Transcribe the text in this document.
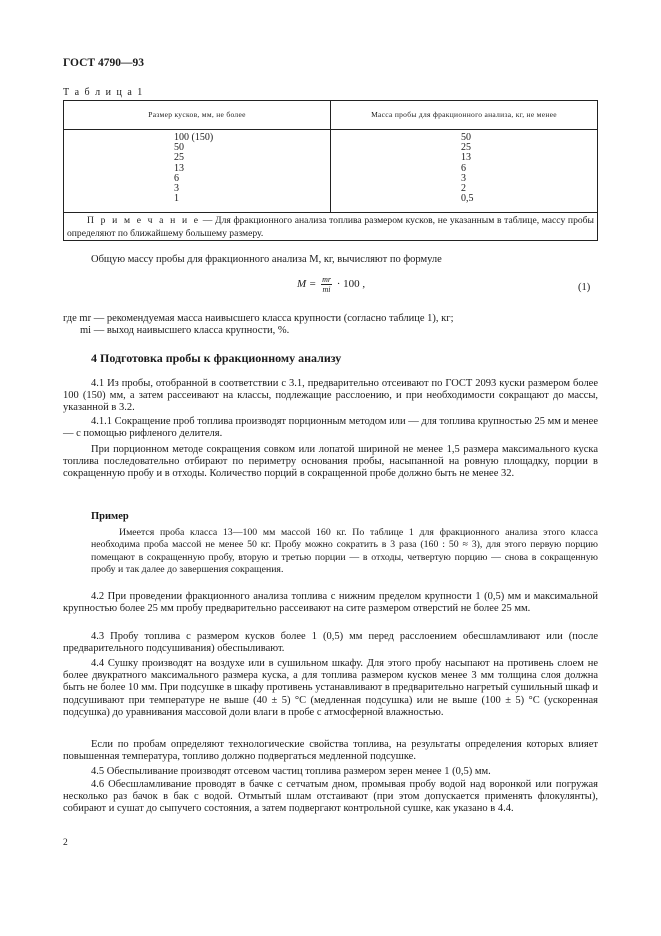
ГОСТ 4790—93
Т а б л и ц а 1
Размер кусков, мм, не более	Масса пробы для фракционного анализа, кг, не менее
100 (150)
50
25
13
6
3
1
50
25
13
6
3
2
0,5
П р и м е ч а н и е — Для фракционного анализа топлива размером кусков, не указанным в таблице, массу пробы определяют по ближайшему большему размеру.
Общую массу пробы для фракционного анализа M, кг, вычисляют по формуле
$M = \frac{mr}{mi} \cdot 100$ ,	(1)
где mr — рекомендуемая масса наивысшего класса крупности (согласно таблице 1), кг;
mi — выход наивысшего класса крупности, %.
4 Подготовка пробы к фракционному анализу

4.1 Из пробы, отобранной в соответствии с 3.1, предварительно отсеивают по ГОСТ 2093 куски размером более 100 (150) мм, а затем рассеивают на классы, подлежащие расслоению, и при необходимости сокращают до массы, указанной в 3.2.

4.1.1 Сокращение проб топлива производят порционным методом или — для топлива крупностью 25 мм и менее — с помощью рифленого делителя.

При порционном методе сокращения совком или лопатой шириной не менее 1,5 размера максимального куска топлива последовательно отбирают по периметру основания пробы, насыпанной на ровную площадку, порции в сокращенную пробу и в отходы. Количество порций в сокращенной пробе должно быть не менее 32.

Пример

Имеется проба класса 13—100 мм массой 160 кг. По таблице 1 для фракционного анализа этого класса необходима проба массой не менее 50 кг. Пробу можно сократить в 3 раза (160 : 50 ≈ 3), для этого первую порцию помещают в сокращенную пробу, вторую и третью порции — в отходы, четвертую порцию — снова в сокращенную пробу и так далее до завершения сокращения.

4.2 При проведении фракционного анализа топлива с нижним пределом крупности 1 (0,5) мм и максимальной крупностью более 25 мм пробу предварительно рассеивают на сите размером отверстий не более 25 мм.

4.3 Пробу топлива с размером кусков более 1 (0,5) мм перед расслоением обесшламливают или (после предварительного подсушивания) обеспыливают.

4.4 Сушку производят на воздухе или в сушильном шкафу. Для этого пробу насыпают на противень слоем не более двукратного максимального размера куска, а для топлива размером кусков менее 3 мм толщина слоя должна быть не более 10 мм. При подсушке в шкафу противень устанавливают в предварительно нагретый сушильный шкаф и подсушивают при температуре не выше (40 ± 5) °С (медленная подсушка) или не выше (100 ± 5) °С (ускоренная подсушка) до уравнивания массовой доли влаги в пробе с атмосферной влажностью.

Если по пробам определяют технологические свойства топлива, на результаты определения которых влияет повышенная температура, топливо должно подвергаться медленной подсушке.

4.5 Обеспыливание производят отсевом частиц топлива размером зерен менее 1 (0,5) мм.

4.6 Обесшламливание проводят в бачке с сетчатым дном, промывая пробу водой над воронкой или погружая несколько раз бачок в бак с водой. Отмытый шлам отстаивают (при этом допускается применять флокулянты), собирают и сушат до сыпучего состояния, а затем подвергают контрольной сушке, как указано в 4.4.

2
